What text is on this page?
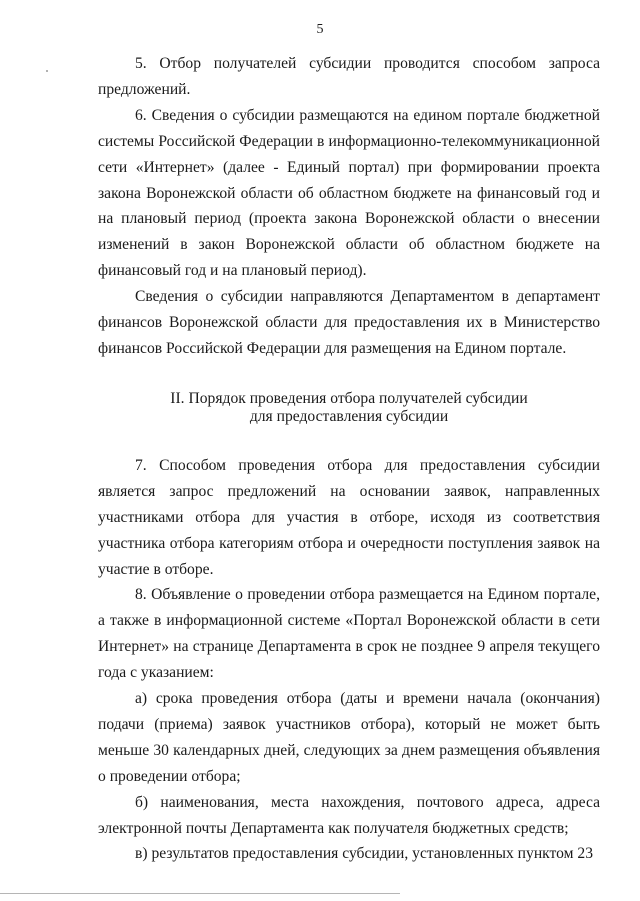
5

5. Отбор получателей субсидии проводится способом запроса предложений.

6. Сведения о субсидии размещаются на едином портале бюджетной системы Российской Федерации в информационно-телекоммуникационной сети «Интернет» (далее - Единый портал) при формировании проекта закона Воронежской области об областном бюджете на финансовый год и на плановый период (проекта закона Воронежской области о внесении изменений в закон Воронежской области об областном бюджете на финансовый год и на плановый период).

Сведения о субсидии направляются Департаментом в департамент финансов Воронежской области для предоставления их в Министерство финансов Российской Федерации для размещения на Едином портале.

II. Порядок проведения отбора получателей субсидии
для предоставления субсидии

7. Способом проведения отбора для предоставления субсидии является запрос предложений на основании заявок, направленных участниками отбора для участия в отборе, исходя из соответствия участника отбора категориям отбора и очередности поступления заявок на участие в отборе.

8. Объявление о проведении отбора размещается на Едином портале, а также в информационной системе «Портал Воронежской области в сети Интернет» на странице Департамента в срок не позднее 9 апреля текущего года с указанием:

а) срока проведения отбора (даты и времени начала (окончания) подачи (приема) заявок участников отбора), который не может быть меньше 30 календарных дней, следующих за днем размещения объявления о проведении отбора;

б) наименования, места нахождения, почтового адреса, адреса электронной почты Департамента как получателя бюджетных средств;

в) результатов предоставления субсидии, установленных пунктом 23
